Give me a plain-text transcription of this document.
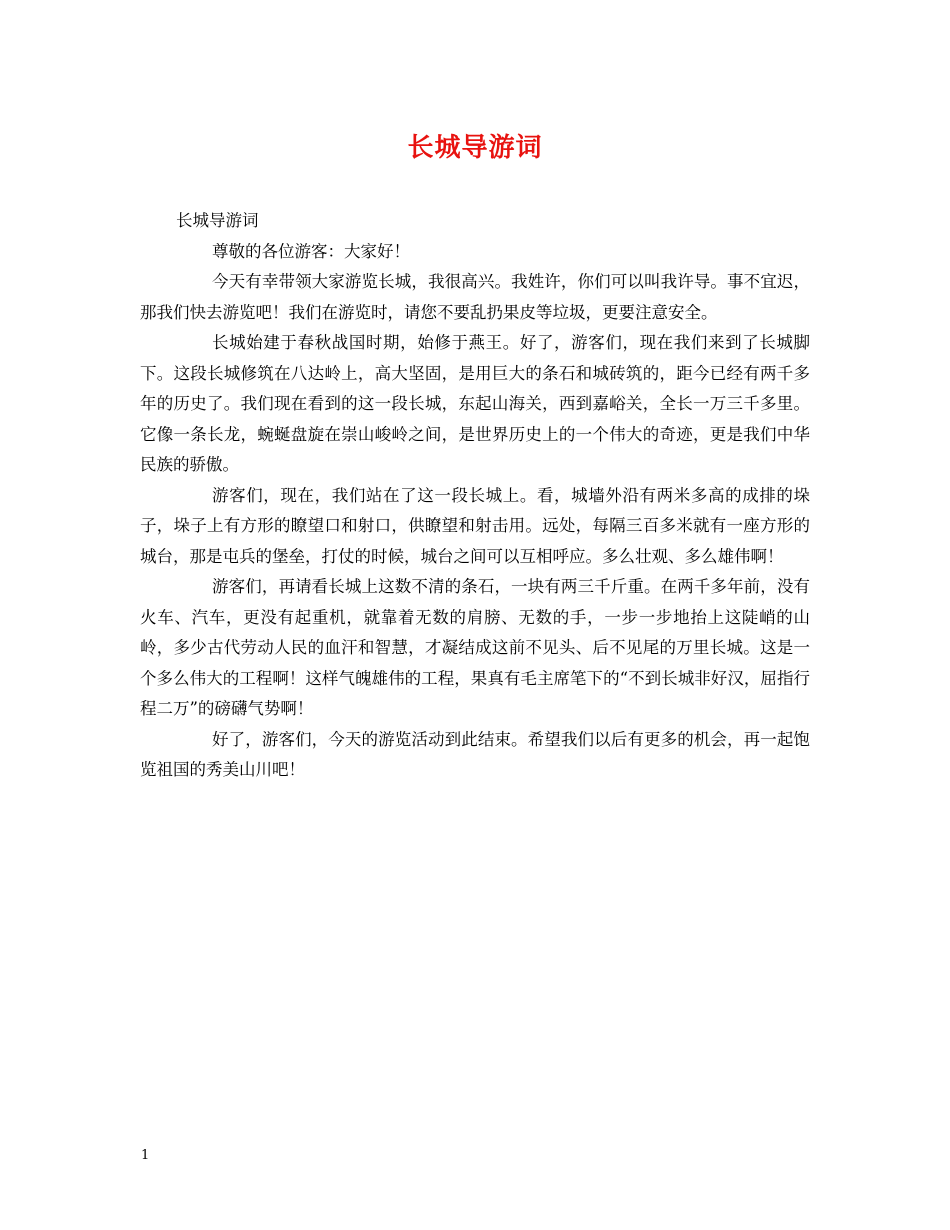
长城导游词

长城导游词

尊敬的各位游客：大家好！

今天有幸带领大家游览长城，我很高兴。我姓许，你们可以叫我许导。事不宜迟，那我们快去游览吧！我们在游览时，请您不要乱扔果皮等垃圾，更要注意安全。

长城始建于春秋战国时期，始修于燕王。好了，游客们，现在我们来到了长城脚下。这段长城修筑在八达岭上，高大坚固，是用巨大的条石和城砖筑的，距今已经有两千多年的历史了。我们现在看到的这一段长城，东起山海关，西到嘉峪关，全长一万三千多里。它像一条长龙，蜿蜒盘旋在崇山峻岭之间，是世界历史上的一个伟大的奇迹，更是我们中华民族的骄傲。

游客们，现在，我们站在了这一段长城上。看，城墙外沿有两米多高的成排的垛子，垛子上有方形的瞭望口和射口，供瞭望和射击用。远处，每隔三百多米就有一座方形的城台，那是屯兵的堡垒，打仗的时候，城台之间可以互相呼应。多么壮观、多么雄伟啊！

游客们，再请看长城上这数不清的条石，一块有两三千斤重。在两千多年前，没有火车、汽车，更没有起重机，就靠着无数的肩膀、无数的手，一步一步地抬上这陡峭的山岭，多少古代劳动人民的血汗和智慧，才凝结成这前不见头、后不见尾的万里长城。这是一个多么伟大的工程啊！这样气魄雄伟的工程，果真有毛主席笔下的“不到长城非好汉，屈指行程二万”的磅礴气势啊！

好了，游客们，今天的游览活动到此结束。希望我们以后有更多的机会，再一起饱览祖国的秀美山川吧！

1
